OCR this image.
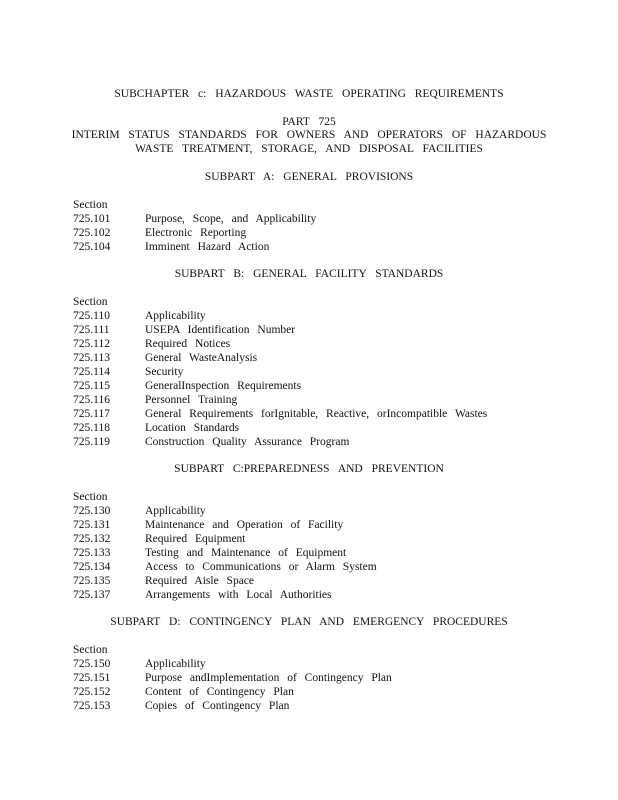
SUBCHAPTER c: HAZARDOUS WASTE OPERATING REQUIREMENTS
PART 725
INTERIM STATUS STANDARDS FOR OWNERS AND OPERATORS OF HAZARDOUS
WASTE TREATMENT, STORAGE, AND DISPOSAL FACILITIES
SUBPART A: GENERAL PROVISIONS
Section
725.101	Purpose, Scope, and Applicability
725.102	Electronic Reporting
725.104	Imminent Hazard Action
SUBPART B: GENERAL FACILITY STANDARDS
Section
725.110	Applicability
725.111	USEPA Identification Number
725.112	Required Notices
725.113	General WasteAnalysis
725.114	Security
725.115	GeneralInspection Requirements
725.116	Personnel Training
725.117	General Requirements forIgnitable, Reactive, orIncompatible Wastes
725.118	Location Standards
725.119	Construction Quality Assurance Program
SUBPART C:PREPAREDNESS AND PREVENTION
Section
725.130	Applicability
725.131	Maintenance and Operation of Facility
725.132	Required Equipment
725.133	Testing and Maintenance of Equipment
725.134	Access to Communications or Alarm System
725.135	Required Aisle Space
725.137	Arrangements with Local Authorities
SUBPART D: CONTINGENCY PLAN AND EMERGENCY PROCEDURES
Section
725.150	Applicability
725.151	Purpose andImplementation of Contingency Plan
725.152	Content of Contingency Plan
725.153	Copies of Contingency Plan
